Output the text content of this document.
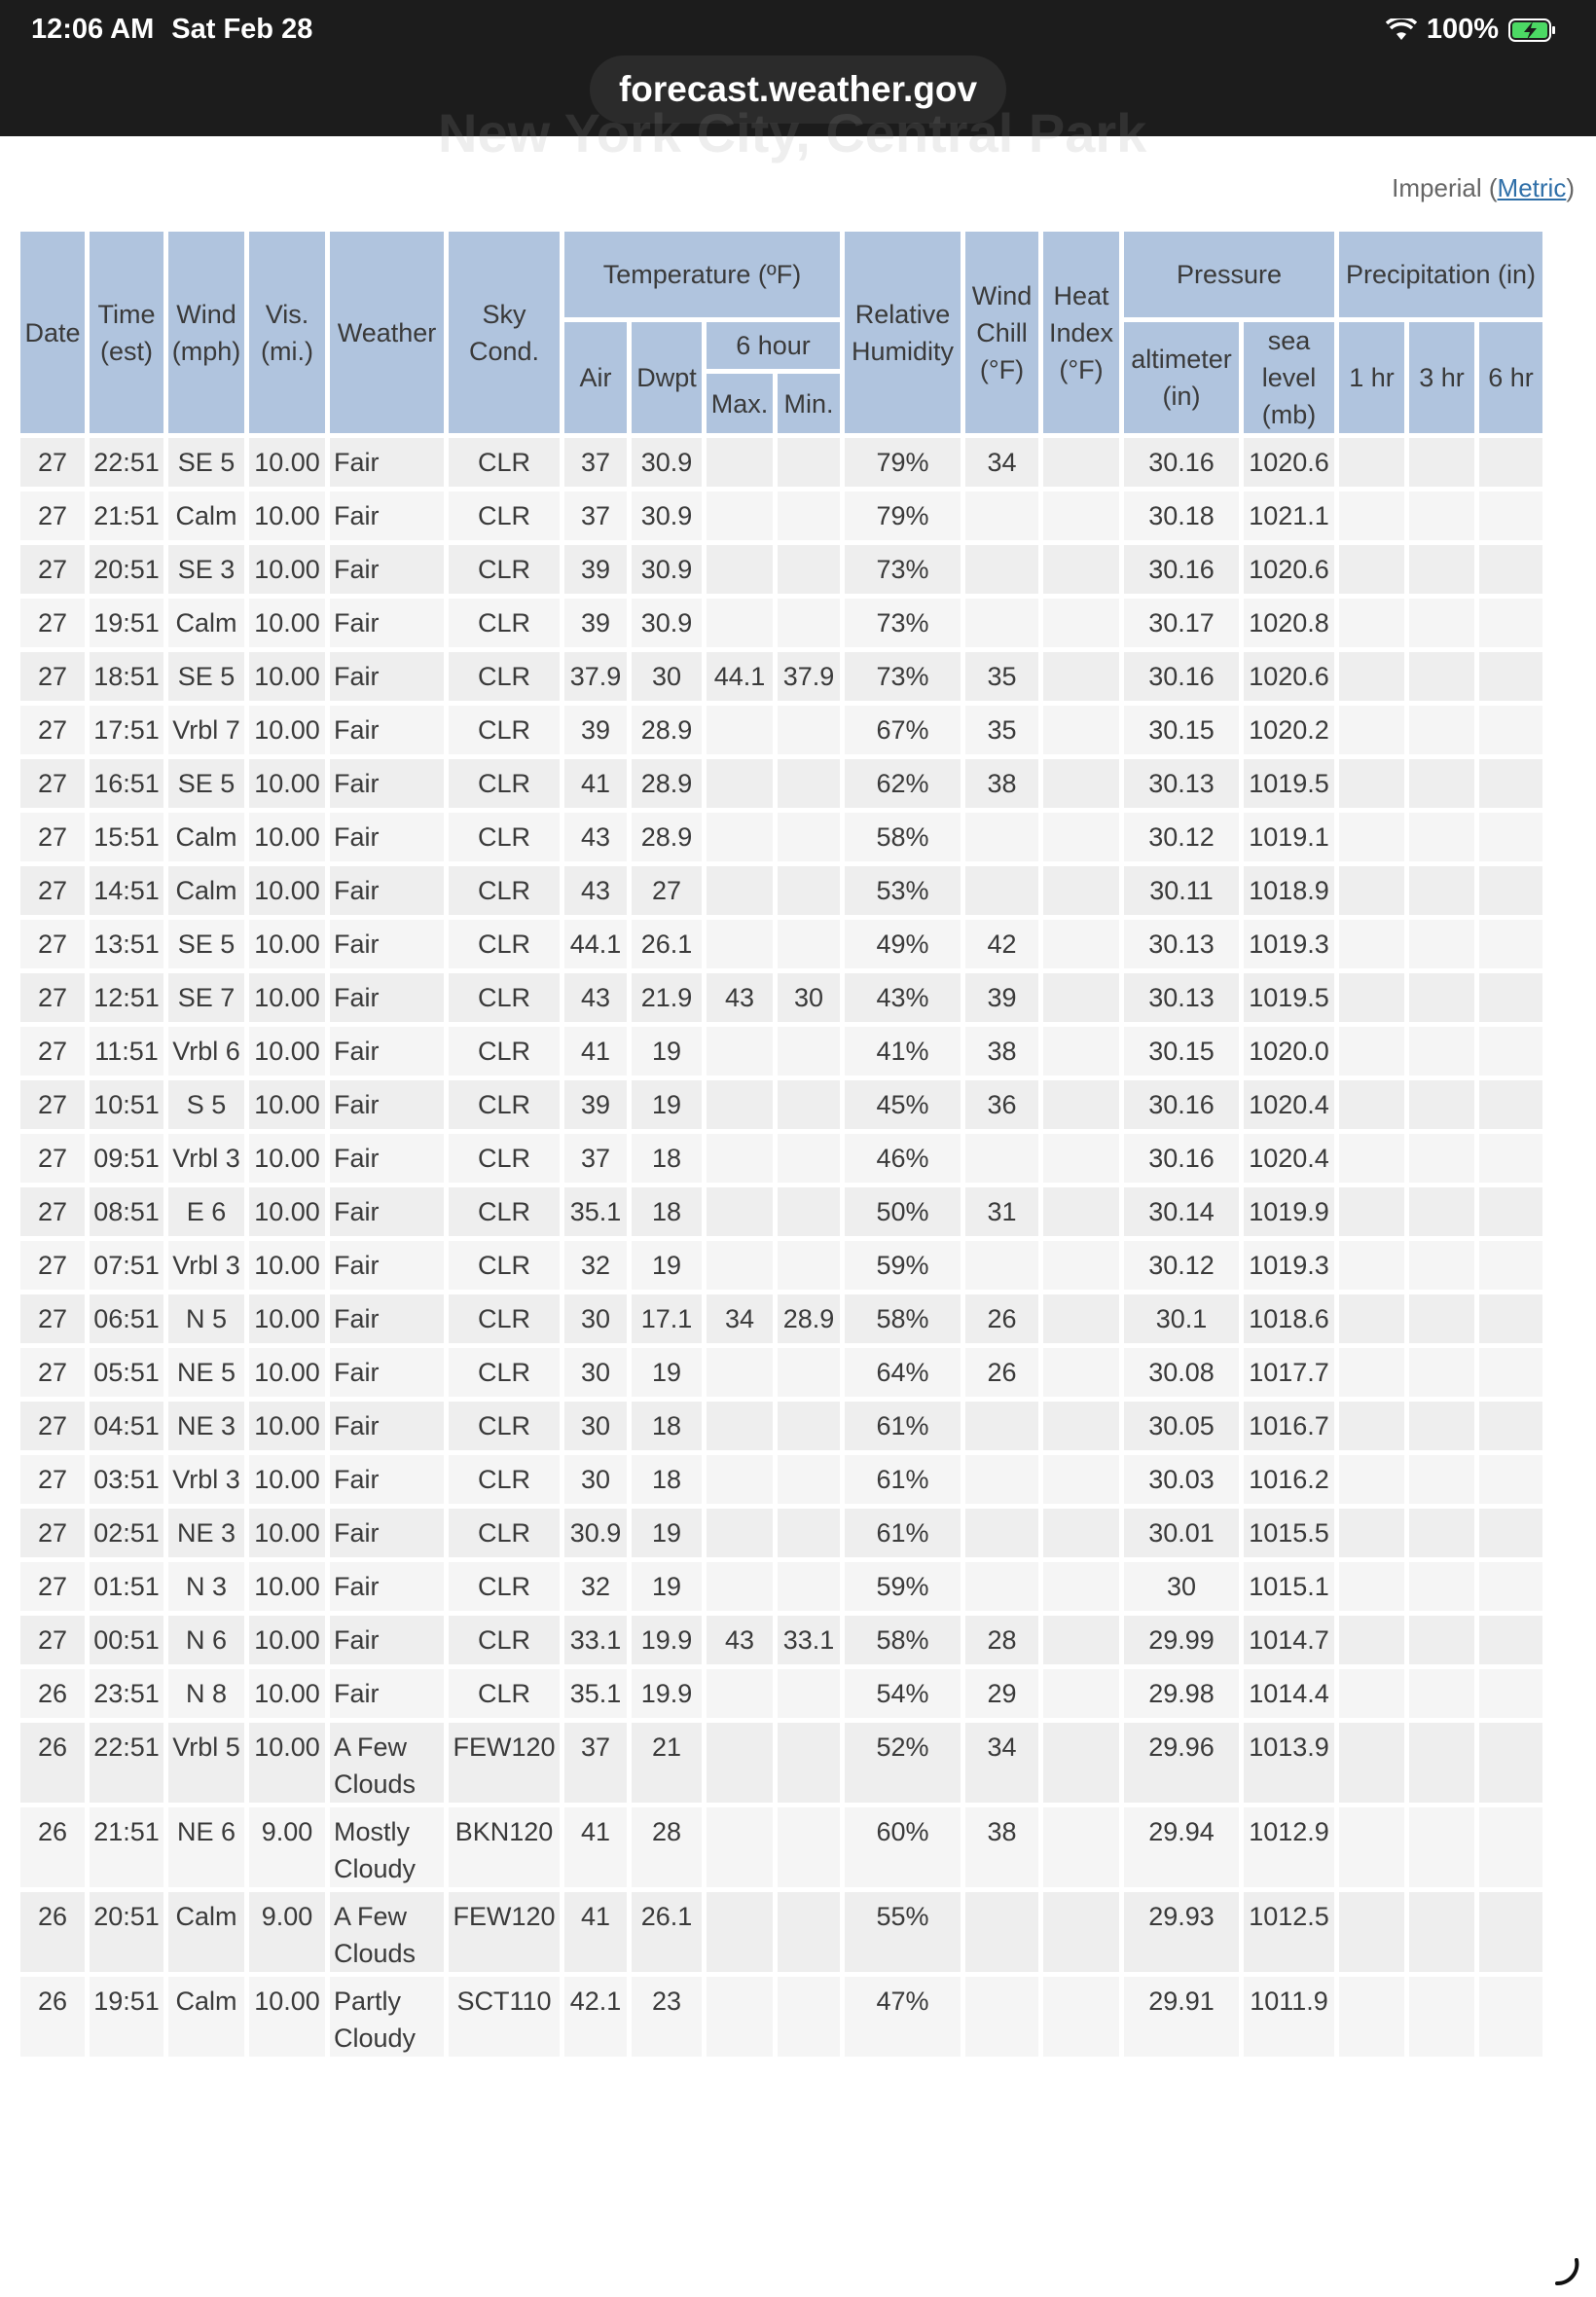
12:06 AM Sat Feb 28	100%
forecast.weather.gov
Imperial (Metric)
Date	Time (est)	Wind (mph)	Vis. (mi.)	Weather	Sky Cond.	Temperature (ºF)				Relative Humidity	Wind Chill (°F)	Heat Index (°F)	Pressure		Precipitation (in)		
						Air	Dwpt	6 hour					altimeter (in)	sea level (mb)	1 hr	3 hr	6 hr
								Max.	Min.								
27	22:51	SE 5	10.00	Fair	CLR	37	30.9			79%	34		30.16	1020.6			
27	21:51	Calm	10.00	Fair	CLR	37	30.9			79%			30.18	1021.1			
27	20:51	SE 3	10.00	Fair	CLR	39	30.9			73%			30.16	1020.6			
27	19:51	Calm	10.00	Fair	CLR	39	30.9			73%			30.17	1020.8			
27	18:51	SE 5	10.00	Fair	CLR	37.9	30	44.1	37.9	73%	35		30.16	1020.6			
27	17:51	Vrbl 7	10.00	Fair	CLR	39	28.9			67%	35		30.15	1020.2			
27	16:51	SE 5	10.00	Fair	CLR	41	28.9			62%	38		30.13	1019.5			
27	15:51	Calm	10.00	Fair	CLR	43	28.9			58%			30.12	1019.1			
27	14:51	Calm	10.00	Fair	CLR	43	27			53%			30.11	1018.9			
27	13:51	SE 5	10.00	Fair	CLR	44.1	26.1			49%	42		30.13	1019.3			
27	12:51	SE 7	10.00	Fair	CLR	43	21.9	43	30	43%	39		30.13	1019.5			
27	11:51	Vrbl 6	10.00	Fair	CLR	41	19			41%	38		30.15	1020.0			
27	10:51	S 5	10.00	Fair	CLR	39	19			45%	36		30.16	1020.4			
27	09:51	Vrbl 3	10.00	Fair	CLR	37	18			46%			30.16	1020.4			
27	08:51	E 6	10.00	Fair	CLR	35.1	18			50%	31		30.14	1019.9			
27	07:51	Vrbl 3	10.00	Fair	CLR	32	19			59%			30.12	1019.3			
27	06:51	N 5	10.00	Fair	CLR	30	17.1	34	28.9	58%	26		30.1	1018.6			
27	05:51	NE 5	10.00	Fair	CLR	30	19			64%	26		30.08	1017.7			
27	04:51	NE 3	10.00	Fair	CLR	30	18			61%			30.05	1016.7			
27	03:51	Vrbl 3	10.00	Fair	CLR	30	18			61%			30.03	1016.2			
27	02:51	NE 3	10.00	Fair	CLR	30.9	19			61%			30.01	1015.5			
27	01:51	N 3	10.00	Fair	CLR	32	19			59%			30	1015.1			
27	00:51	N 6	10.00	Fair	CLR	33.1	19.9	43	33.1	58%	28		29.99	1014.7			
26	23:51	N 8	10.00	Fair	CLR	35.1	19.9			54%	29		29.98	1014.4			
26	22:51	Vrbl 5	10.00	A Few Clouds	FEW120	37	21			52%	34		29.96	1013.9			
26	21:51	NE 6	9.00	Mostly Cloudy	BKN120	41	28			60%	38		29.94	1012.9			
26	20:51	Calm	9.00	A Few Clouds	FEW120	41	26.1			55%			29.93	1012.5			
26	19:51	Calm	10.00	Partly Cloudy	SCT110	42.1	23			47%			29.91	1011.9			
